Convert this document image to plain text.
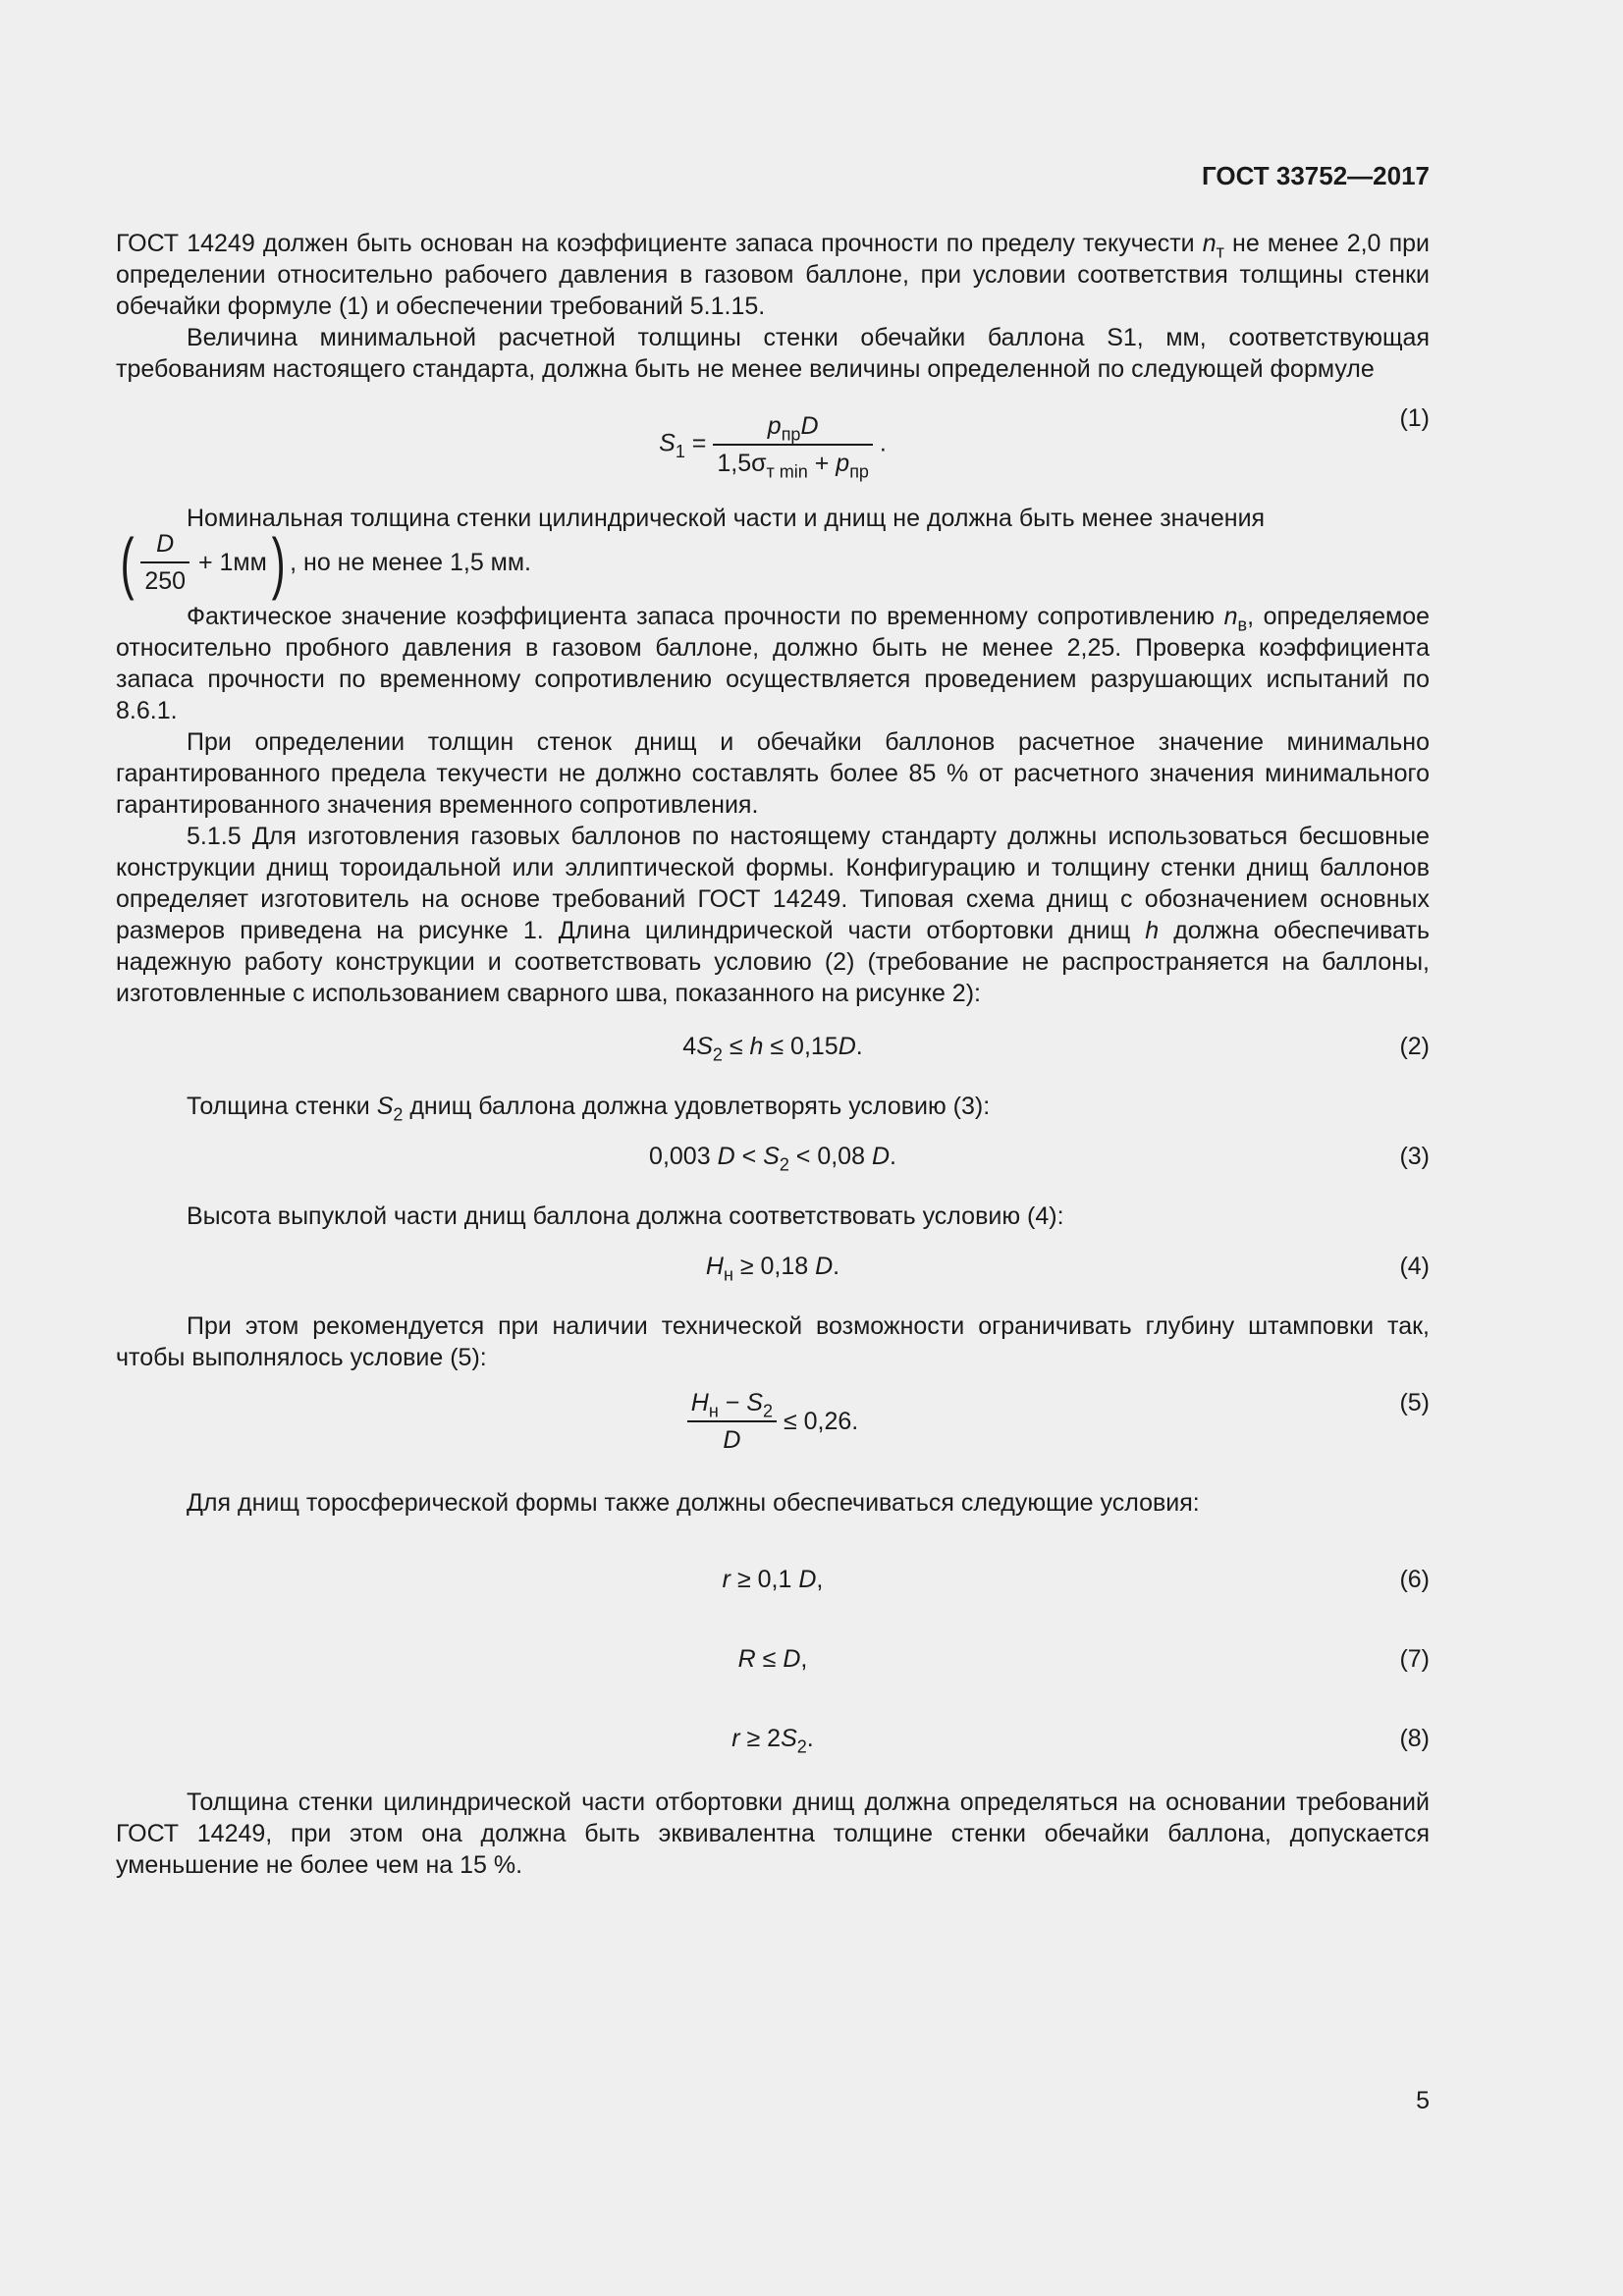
ГОСТ 33752—2017

ГОСТ 14249 должен быть основан на коэффициенте запаса прочности по пределу текучести $n_т$ не менее 2,0 при определении относительно рабочего давления в газовом баллоне, при условии соответствия толщины стенки обечайки формуле (1) и обеспечении требований 5.1.15.

Величина минимальной расчетной толщины стенки обечайки баллона S1, мм, соответствующая требованиям настоящего стандарта, должна быть не менее величины определенной по следующей формуле

$S_1 = \frac{p_{пр}D}{1,5\sigma_{т min} + p_{пр}}$ .
(1)

Номинальная толщина стенки цилиндрической части и днищ не должна быть менее значения

( $\frac{D}{250} + 1мм$) , но не менее 1,5 мм.

Фактическое значение коэффициента запаса прочности по временному сопротивлению $n_в$, определяемое относительно пробного давления в газовом баллоне, должно быть не менее 2,25. Проверка коэффициента запаса прочности по временному сопротивлению осуществляется проведением разрушающих испытаний по 8.6.1.

При определении толщин стенок днищ и обечайки баллонов расчетное значение минимально гарантированного предела текучести не должно составлять более 85 % от расчетного значения минимального гарантированного значения временного сопротивления.

5.1.5 Для изготовления газовых баллонов по настоящему стандарту должны использоваться бесшовные конструкции днищ тороидальной или эллиптической формы. Конфигурацию и толщину стенки днищ баллонов определяет изготовитель на основе требований ГОСТ 14249. Типовая схема днищ с обозначением основных размеров приведена на рисунке 1. Длина цилиндрической части отбортовки днищ h должна обеспечивать надежную работу конструкции и соответствовать условию (2) (требование не распространяется на баллоны, изготовленные с использованием сварного шва, показанного на рисунке 2):

$4S_2 \le h \le 0,15D$.	(2)

Толщина стенки $S_2$ днищ баллона должна удовлетворять условию (3):

0,003 $D < S_2 < 0,08$ D.	(3)

Высота выпуклой части днищ баллона должна соответствовать условию (4):

$H_н \ge 0,18$ D.	(4)

При этом рекомендуется при наличии технической возможности ограничивать глубину штамповки так, чтобы выполнялось условие (5):

$\frac{H_н - S_2}{D} \le 0,26$.
(5)

Для днищ торосферической формы также должны обеспечиваться следующие условия:

r ≥ 0,1 D,	(6)
R ≤ D,	(7)
$r \ge 2S_2$.	(8)

Толщина стенки цилиндрической части отбортовки днищ должна определяться на основании требований ГОСТ 14249, при этом она должна быть эквивалентна толщине стенки обечайки баллона, допускается уменьшение не более чем на 15 %.

5
